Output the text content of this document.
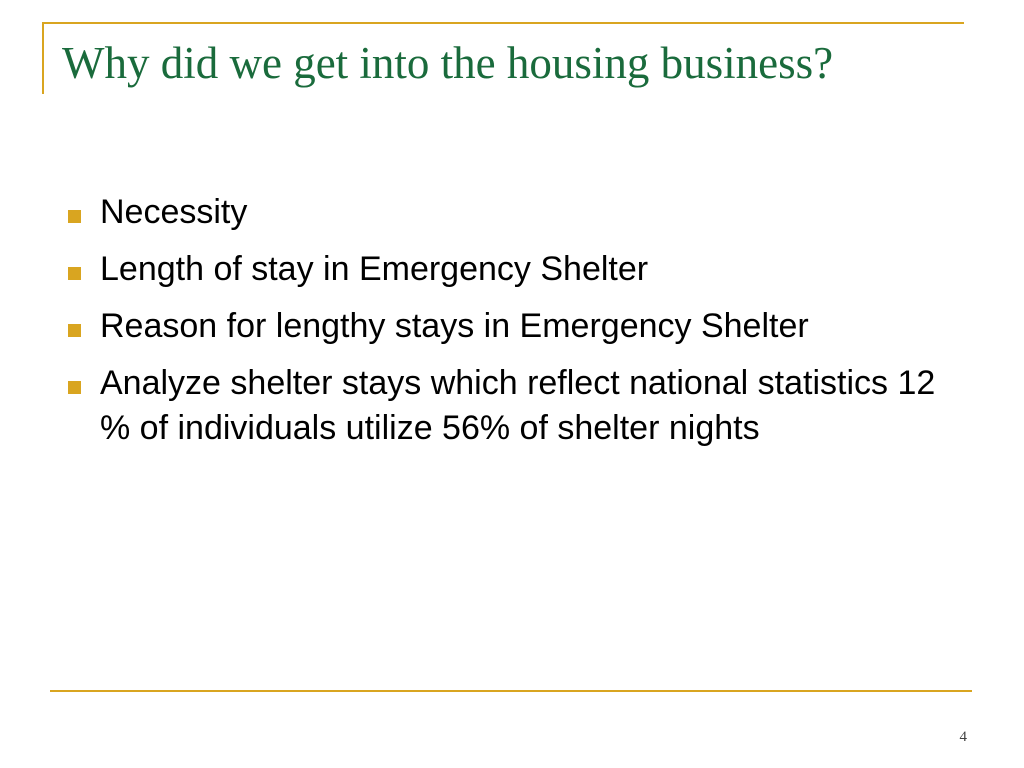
Why did we get into the housing business?
Necessity
Length of stay in Emergency Shelter
Reason for lengthy stays in Emergency Shelter
Analyze shelter stays which reflect national statistics 12 % of individuals utilize 56% of shelter nights
4
